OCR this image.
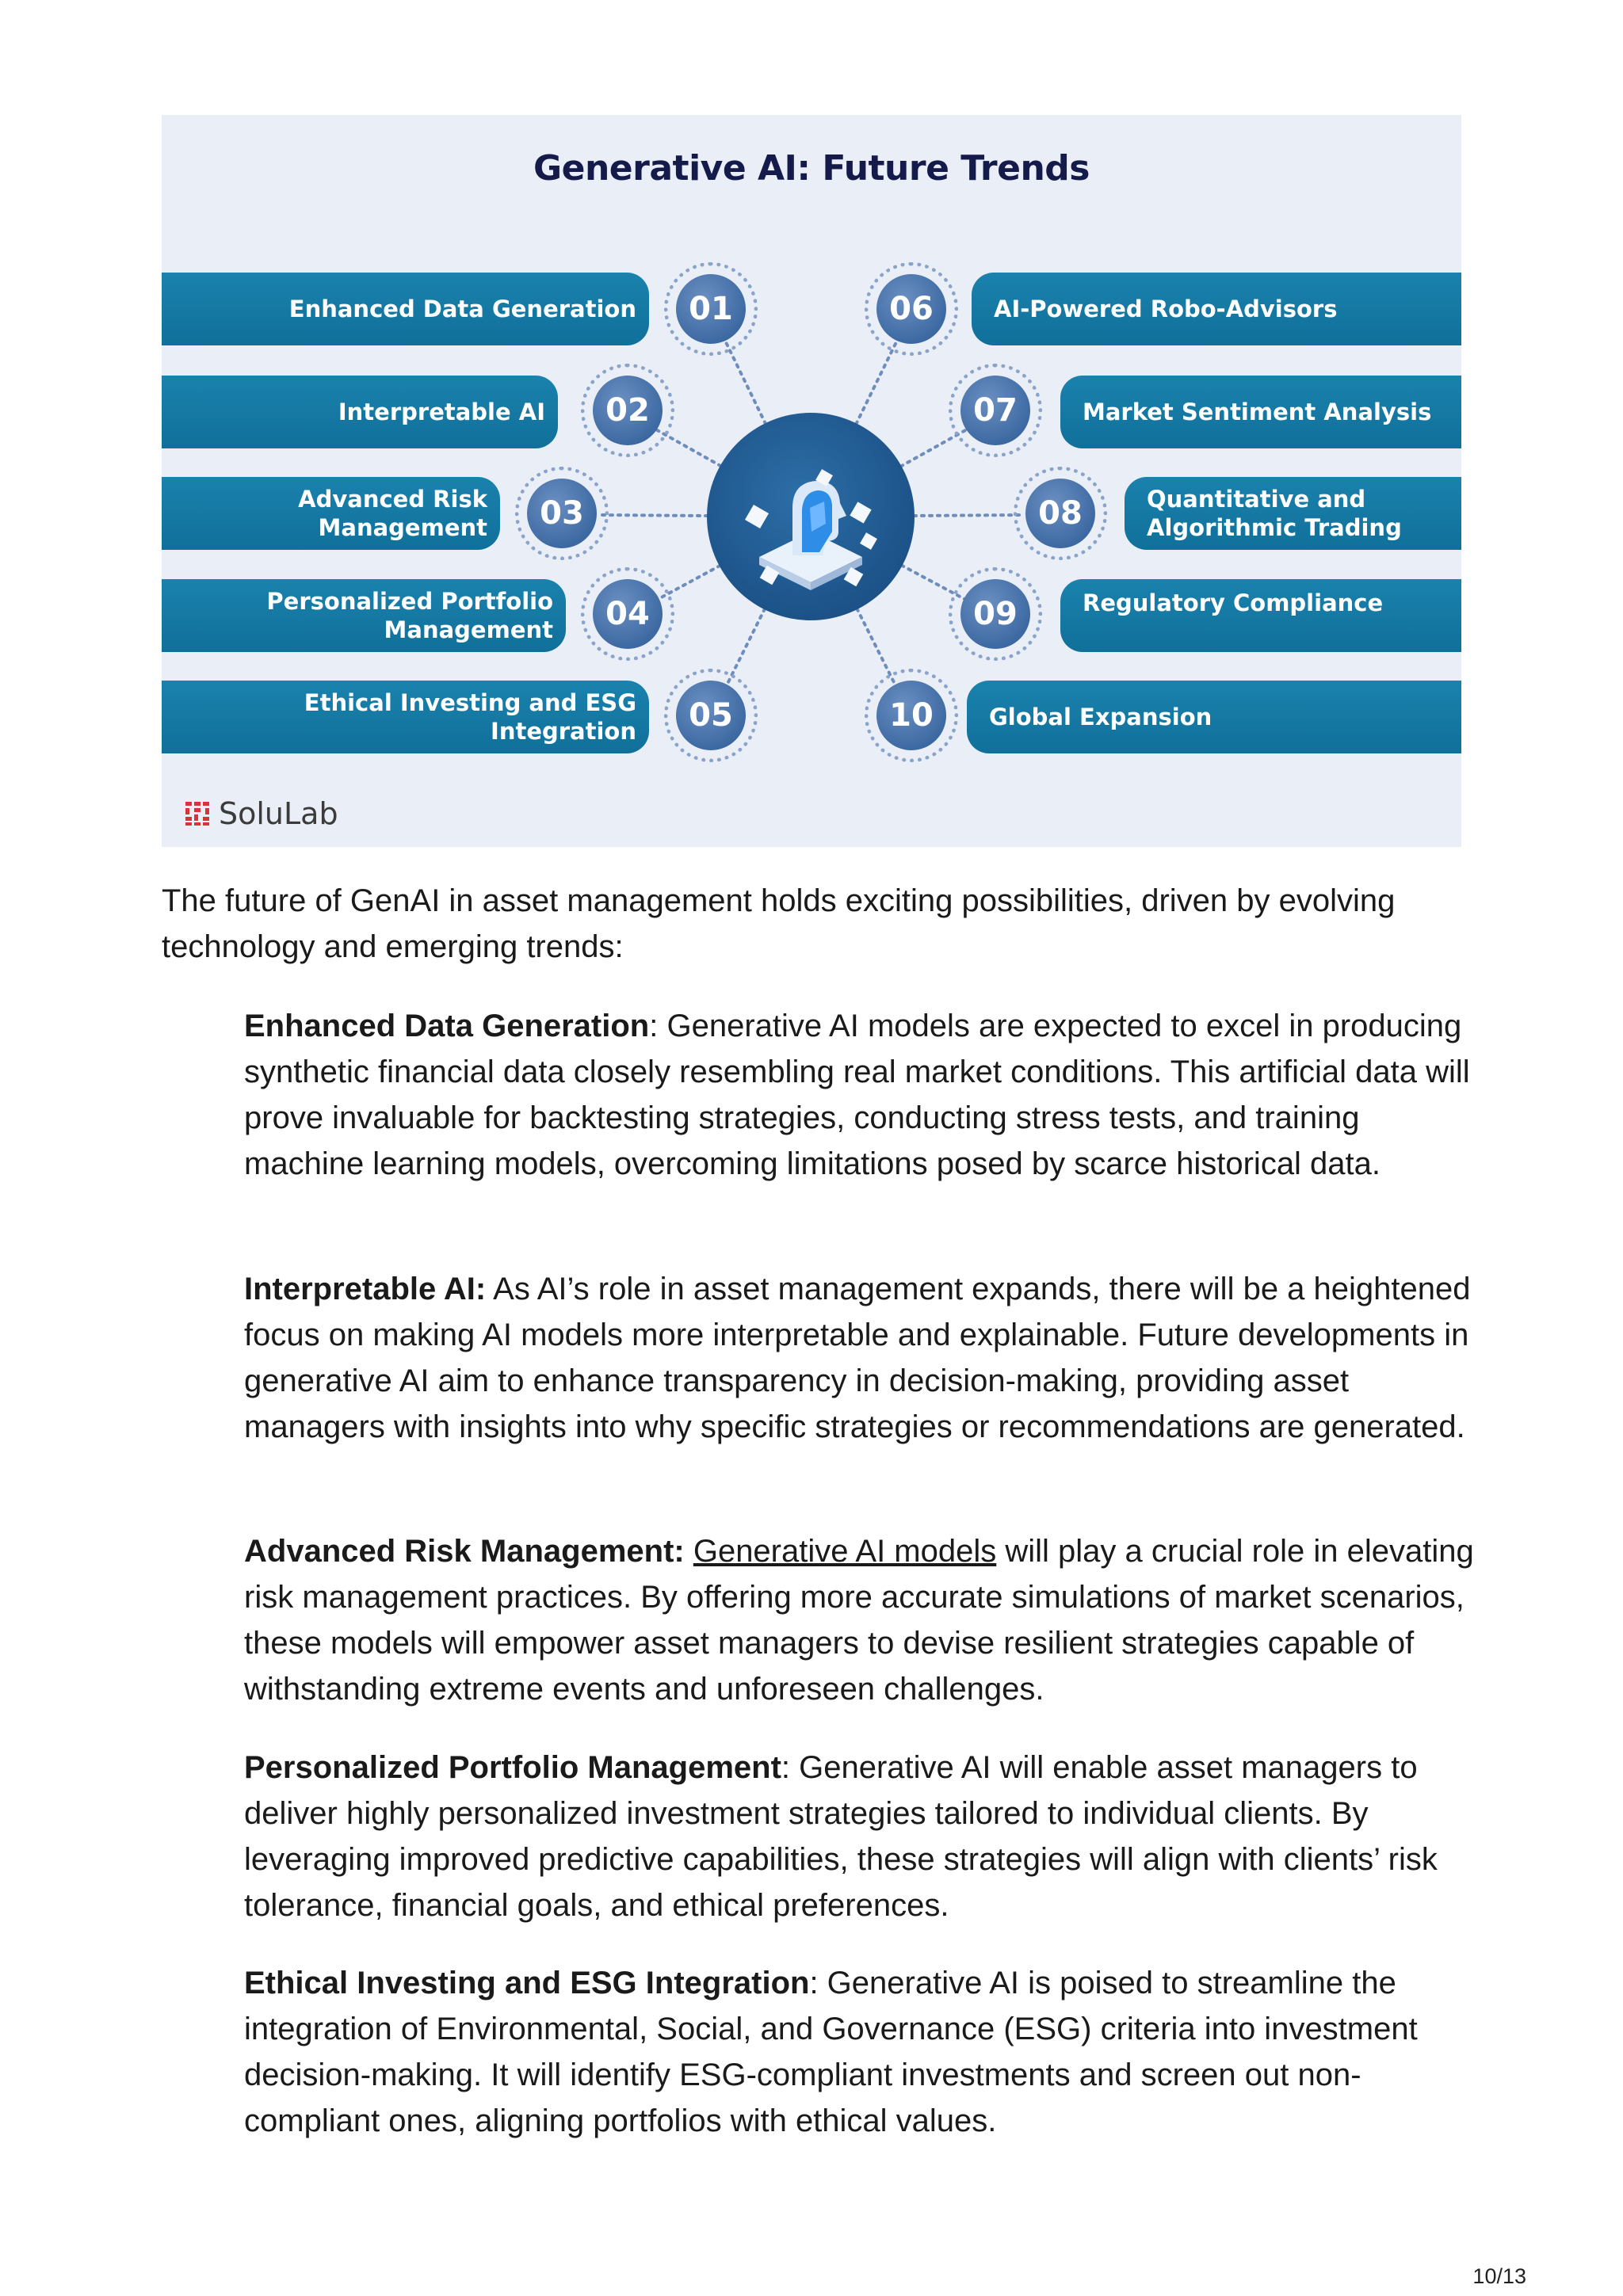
Generative AI: Future Trends
Enhanced Data Generation
Interpretable AI
Advanced Risk
Management
Personalized Portfolio
Management
Ethical Investing and ESG Integration
AI-Powered Robo-Advisors
Market Sentiment Analysis
Quantitative and
Algorithmic Trading
Regulatory Compliance
Global Expansion
01
02
03
04
05
06
07
08
09
10
SoluLab

The future of GenAI in asset management holds exciting possibilities, driven by evolving technology and emerging trends:

Enhanced Data Generation: Generative AI models are expected to excel in producing synthetic financial data closely resembling real market conditions. This artificial data will prove invaluable for backtesting strategies, conducting stress tests, and training machine learning models, overcoming limitations posed by scarce historical data.

Interpretable AI: As AI’s role in asset management expands, there will be a heightened focus on making AI models more interpretable and explainable. Future developments in generative AI aim to enhance transparency in decision-making, providing asset managers with insights into why specific strategies or recommendations are generated.

Advanced Risk Management: Generative AI models will play a crucial role in elevating risk management practices. By offering more accurate simulations of market scenarios, these models will empower asset managers to devise resilient strategies capable of withstanding extreme events and unforeseen challenges.

Personalized Portfolio Management: Generative AI will enable asset managers to deliver highly personalized investment strategies tailored to individual clients. By leveraging improved predictive capabilities, these strategies will align with clients’ risk tolerance, financial goals, and ethical preferences.

Ethical Investing and ESG Integration: Generative AI is poised to streamline the integration of Environmental, Social, and Governance (ESG) criteria into investment decision-making. It will identify ESG-compliant investments and screen out non-compliant ones, aligning portfolios with ethical values.

10/13
